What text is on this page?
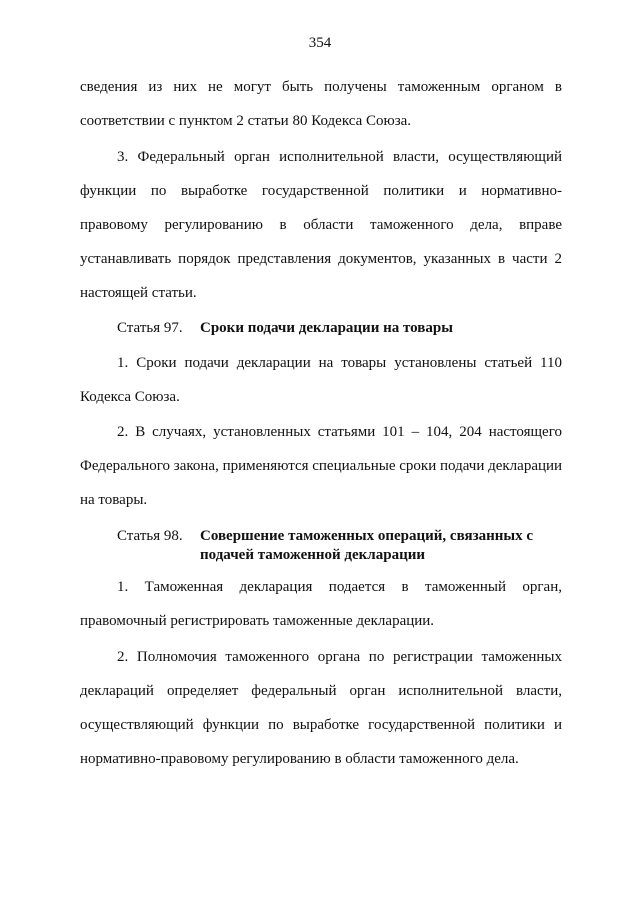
354
сведения из них не могут быть получены таможенным органом в
соответствии с пунктом 2 статьи 80 Кодекса Союза.
3. Федеральный орган исполнительной власти, осуществляющий
функции по выработке государственной политики и нормативно-
правовому регулированию в области таможенного дела, вправе
устанавливать порядок представления документов, указанных в части 2
настоящей статьи.
Статья 97. Сроки подачи декларации на товары
1. Сроки подачи декларации на товары установлены статьей 110
Кодекса Союза.
2. В случаях, установленных статьями 101 – 104, 204 настоящего
Федерального закона, применяются специальные сроки подачи декларации
на товары.
Статья 98. Совершение таможенных операций, связанных с
подачей таможенной декларации
1. Таможенная декларация подается в таможенный орган,
правомочный регистрировать таможенные декларации.
2. Полномочия таможенного органа по регистрации таможенных
деклараций определяет федеральный орган исполнительной власти,
осуществляющий функции по выработке государственной политики и
нормативно-правовому регулированию в области таможенного дела.
